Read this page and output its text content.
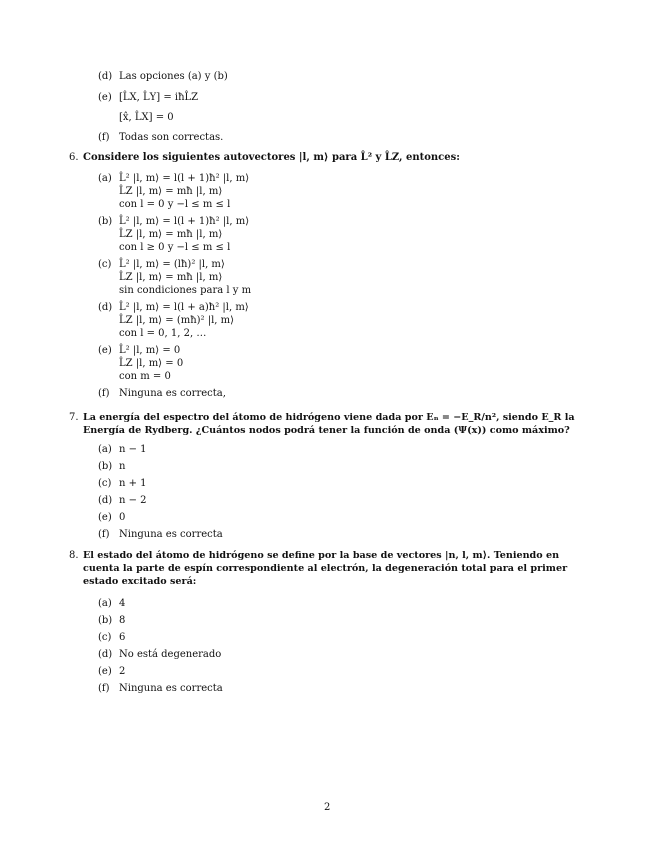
(d) Las opciones (a) y (b)
(e) [L̂X, L̂Y] = iħL̂Z
[x̂, L̂X] = 0
(f) Todas son correctas.
6. Considere los siguientes autovectores |l, m⟩ para L̂² y L̂Z, entonces:
(a) L̂² |l, m⟩ = l(l + 1)ħ² |l, m⟩
L̂Z |l, m⟩ = mħ |l, m⟩
con l = 0 y −l ≤ m ≤ l
(b) L̂² |l, m⟩ = l(l + 1)ħ² |l, m⟩
L̂Z |l, m⟩ = mħ |l, m⟩
con l ≥ 0 y −l ≤ m ≤ l
(c) L̂² |l, m⟩ = (lħ)² |l, m⟩
L̂Z |l, m⟩ = mħ |l, m⟩
sin condiciones para l y m
(d) L̂² |l, m⟩ = l(l + a)ħ² |l, m⟩
L̂Z |l, m⟩ = (mħ)² |l, m⟩
con l = 0, 1, 2, …
(e) L̂² |l, m⟩ = 0
L̂Z |l, m⟩ = 0
con m = 0
(f) Ninguna es correcta,
7. La energía del espectro del átomo de hidrógeno viene dada por Eₙ = −E_R/n², siendo E_R la
Energía de Rydberg. ¿Cuántos nodos podrá tener la función de onda (Ψ(x)) como máximo?
(a) n − 1
(b) n
(c) n + 1
(d) n − 2
(e) 0
(f) Ninguna es correcta
8. El estado del átomo de hidrógeno se define por la base de vectores |n, l, m⟩. Teniendo en
cuenta la parte de espín correspondiente al electrón, la degeneración total para el primer
estado excitado será:
(a) 4
(b) 8
(c) 6
(d) No está degenerado
(e) 2
(f) Ninguna es correcta
2
